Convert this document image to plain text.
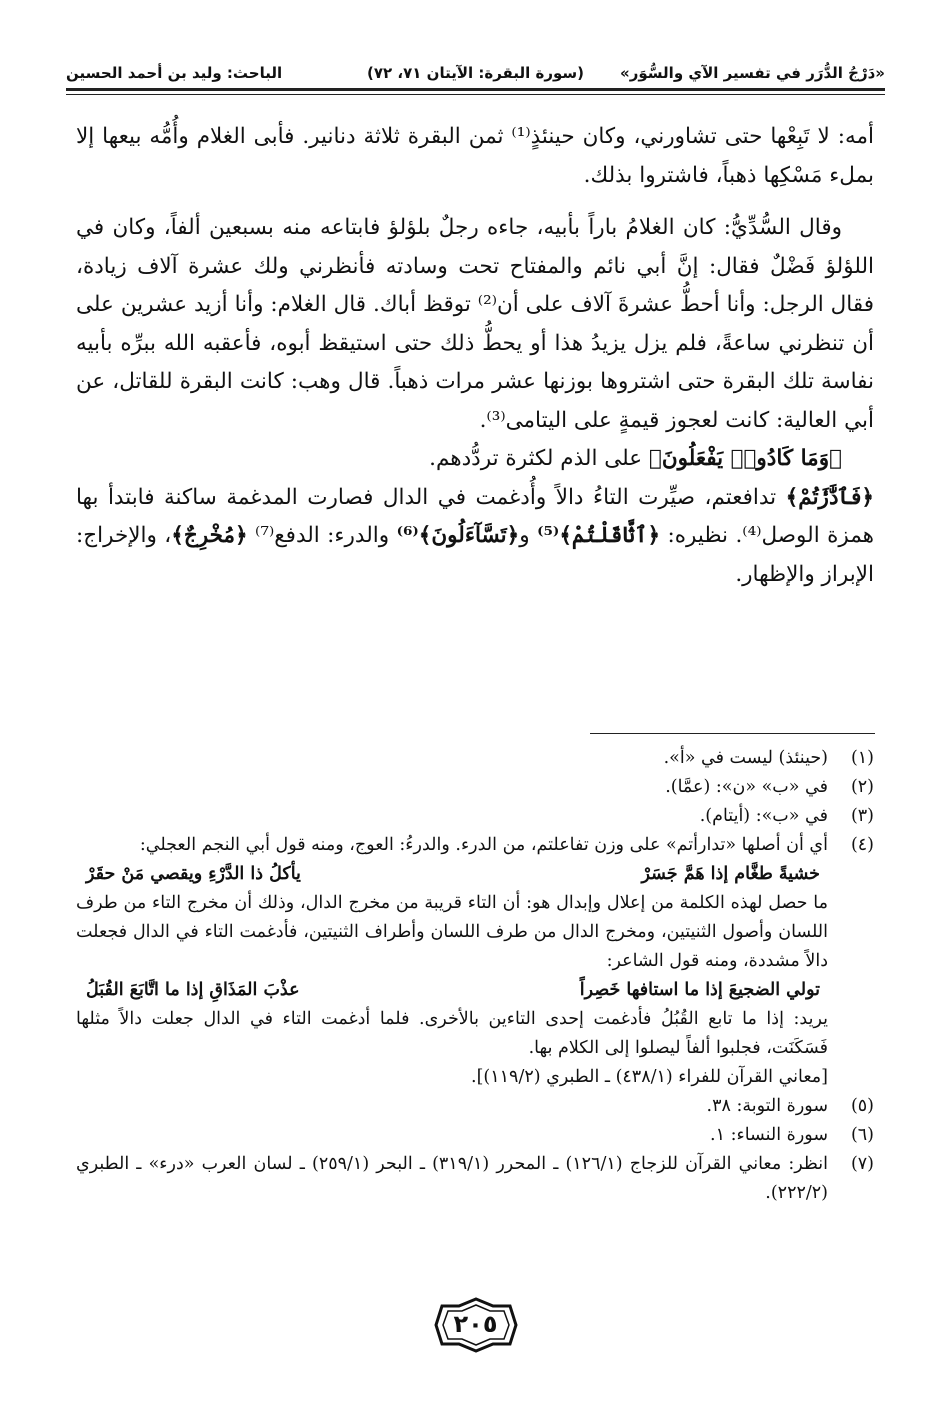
«دَرْجُ الدُّرَر في تفسير الآي والسُّوَر»
(سورة البقرة: الآيتان ٧١، ٧٢)
الباحث: وليد بن أحمد الحسين

أمه: لا تَبِعْها حتى تشاورني، وكان حينئذٍ⁽¹⁾ ثمن البقرة ثلاثة دنانير. فأبى الغلام وأُمُّه بيعها إلا بملء مَسْكِها ذهباً، فاشتروا بذلك.

وقال السُّدِّيُّ: كان الغلامُ باراً بأبيه، جاءه رجلٌ بلؤلؤ فابتاعه منه بسبعين ألفاً، وكان في اللؤلؤ فَضْلٌ فقال: إنَّ أبي نائم والمفتاح تحت وسادته فأنظرني ولك عشرة آلاف زيادة، فقال الرجل: وأنا أحطُّ عشرةَ آلاف على أن⁽²⁾ توقظ أباك. قال الغلام: وأنا أزيد عشرين على أن تنظرني ساعةً، فلم يزل يزيدُ هذا أو يحطُّ ذلك حتى استيقظ أبوه، فأعقبه الله ببرِّه بأبيه نفاسة تلك البقرة حتى اشتروها بوزنها عشر مرات ذهباً. قال وهب: كانت البقرة للقاتل، عن أبي العالية: كانت لعجوز قيمةٍ على اليتامى⁽³⁾.

﴿وَمَا كَادُوا۟ يَفْعَلُونَ﴾ على الذم لكثرة تردُّدهم.

﴿فَٱدَّٰرَٰٔتُمْ﴾ تدافعتم، صيِّرت التاءُ دالاً وأُدغمت في الدال فصارت المدغمة ساكنة فابتدأ بها همزة الوصل⁽⁴⁾. نظيره: ﴿ٱثَّاقَلْتُمْ﴾⁽⁵⁾ و﴿تَسَّآءَلُونَ﴾⁽⁶⁾ والدرء: الدفع⁽⁷⁾ ﴿مُخْرِجٌ﴾، والإخراج: الإبراز والإظهار.

(١)
(حينئذ) ليست في «أ».
(٢)
في «ب» «ن»: (عمَّا).
(٣)
في «ب»: (أيتام).
(٤)
أي أن أصلها «تدارأتم» على وزن تفاعلتم، من الدرء. والدرءُ: العوج، ومنه قول أبي النجم العجلي:
خشيةً طغَّام إذا هَمَّ جَسَرْ
يأكلُ ذا الدَّرْءِ ويقصي مَنْ حقَرْ
ما حصل لهذه الكلمة من إعلال وإبدال هو: أن التاء قريبة من مخرج الدال، وذلك أن مخرج التاء من طرف اللسان وأصول الثنيتين، ومخرج الدال من طرف اللسان وأطراف الثنيتين، فأدغمت التاء في الدال فجعلت دالاً مشددة، ومنه قول الشاعر:
تولي الضجيعَ إذا ما استافها خَصِراً
عذْبَ المَذَاقِ إذا ما اتَّابَعَ القُبَلُ
يريد: إذا ما تابع القُبُلُ فأدغمت إحدى التاءين بالأخرى. فلما أدغمت التاء في الدال جعلت دالاً مثلها فَسَكَنَت، فجلبوا ألفاً ليصلوا إلى الكلام بها.
[معاني القرآن للفراء (٤٣٨/١) ـ الطبري (١١٩/٢)].
(٥)
سورة التوبة: ٣٨.
(٦)
سورة النساء: ١.
(٧)
انظر: معاني القرآن للزجاج (١٢٦/١) ـ المحرر (٣١٩/١) ـ البحر (٢٥٩/١) ـ لسان العرب «درء» ـ الطبري (٢٢٢/٢).
٢٠٥
